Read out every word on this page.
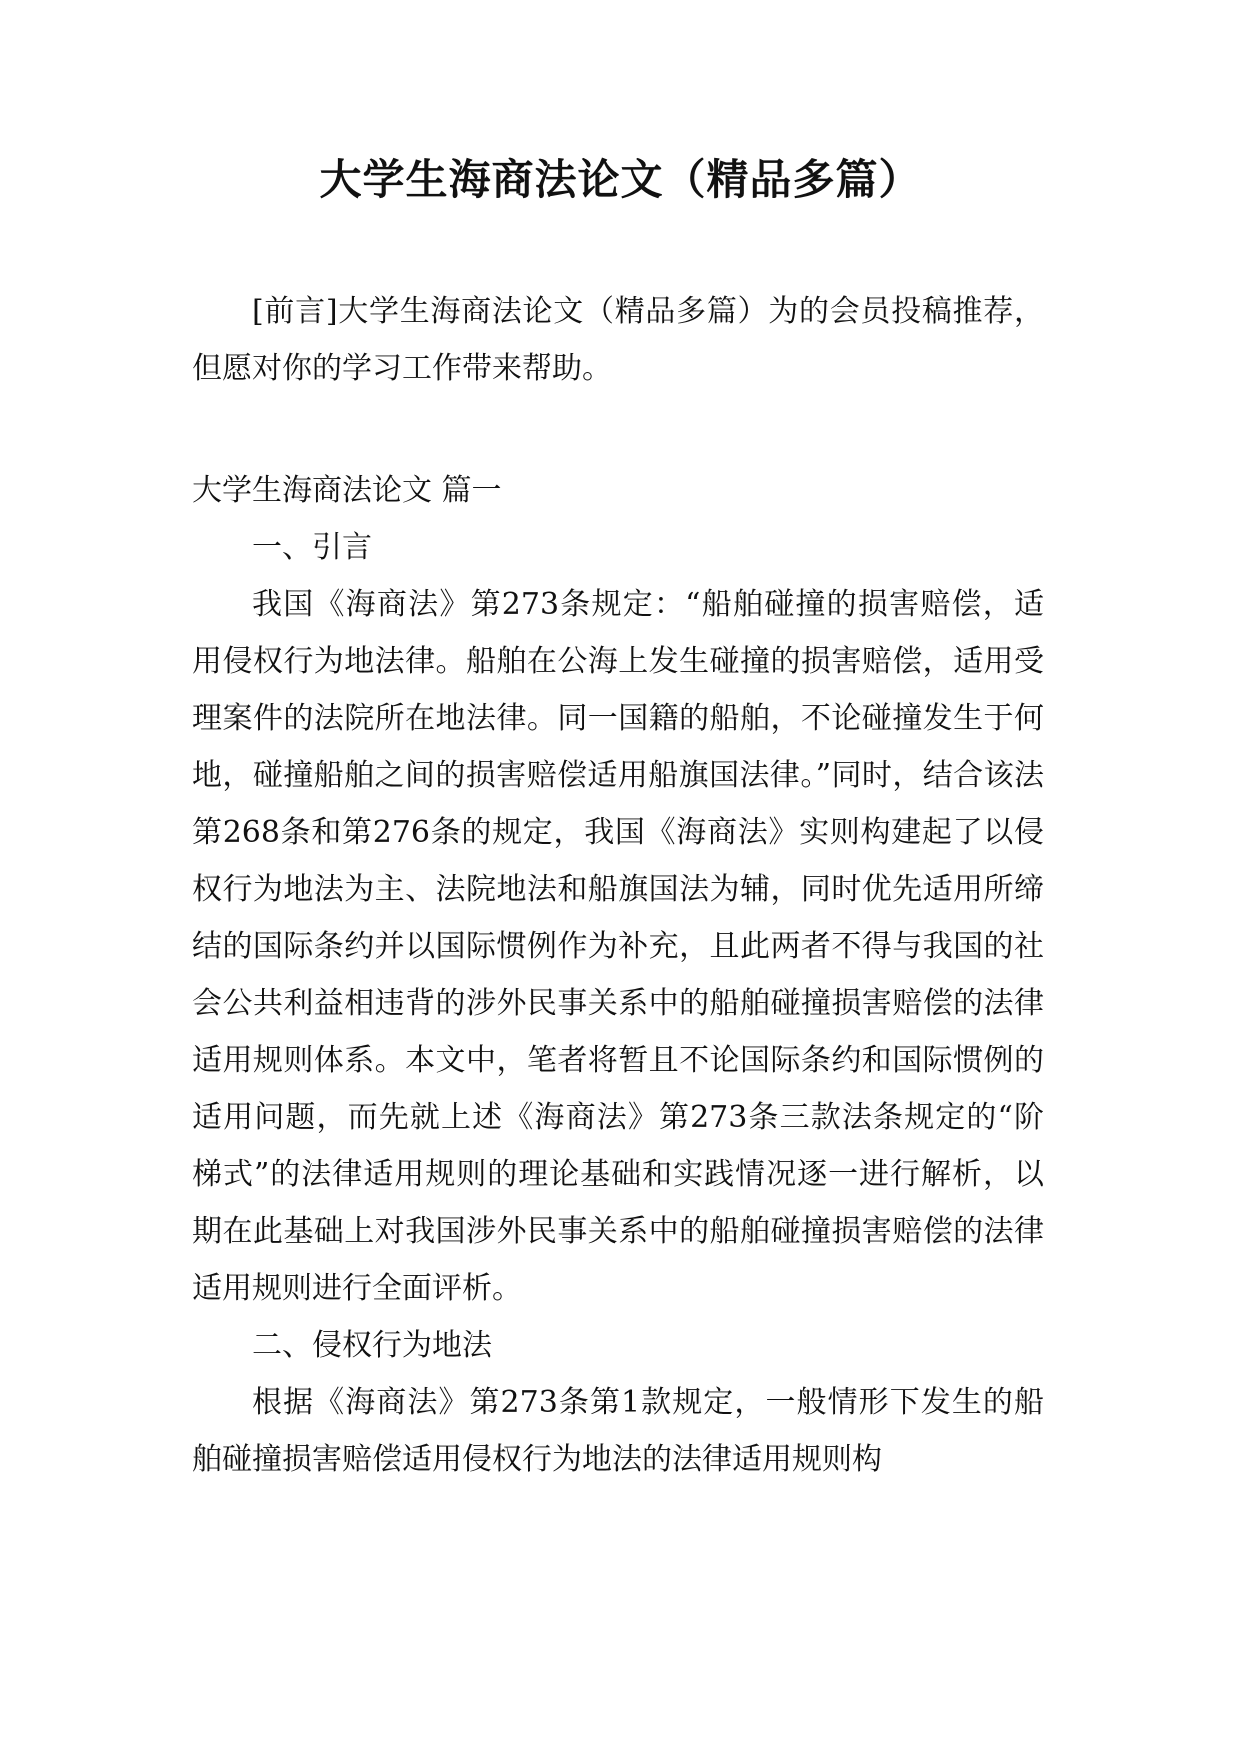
大学生海商法论文（精品多篇）

[前言]大学生海商法论文（精品多篇）为的会员投稿推荐，但愿对你的学习工作带来帮助。

大学生海商法论文 篇一

一、引言

我国《海商法》第273条规定：“船舶碰撞的损害赔偿，适用侵权行为地法律。船舶在公海上发生碰撞的损害赔偿，适用受理案件的法院所在地法律。同一国籍的船舶，不论碰撞发生于何地，碰撞船舶之间的损害赔偿适用船旗国法律。”同时，结合该法第268条和第276条的规定，我国《海商法》实则构建起了以侵权行为地法为主、法院地法和船旗国法为辅，同时优先适用所缔结的国际条约并以国际惯例作为补充，且此两者不得与我国的社会公共利益相违背的涉外民事关系中的船舶碰撞损害赔偿的法律适用规则体系。本文中，笔者将暂且不论国际条约和国际惯例的适用问题，而先就上述《海商法》第273条三款法条规定的“阶梯式”的法律适用规则的理论基础和实践情况逐一进行解析，以期在此基础上对我国涉外民事关系中的船舶碰撞损害赔偿的法律适用规则进行全面评析。

二、侵权行为地法

根据《海商法》第273条第1款规定，一般情形下发生的船舶碰撞损害赔偿适用侵权行为地法的法律适用规则构
